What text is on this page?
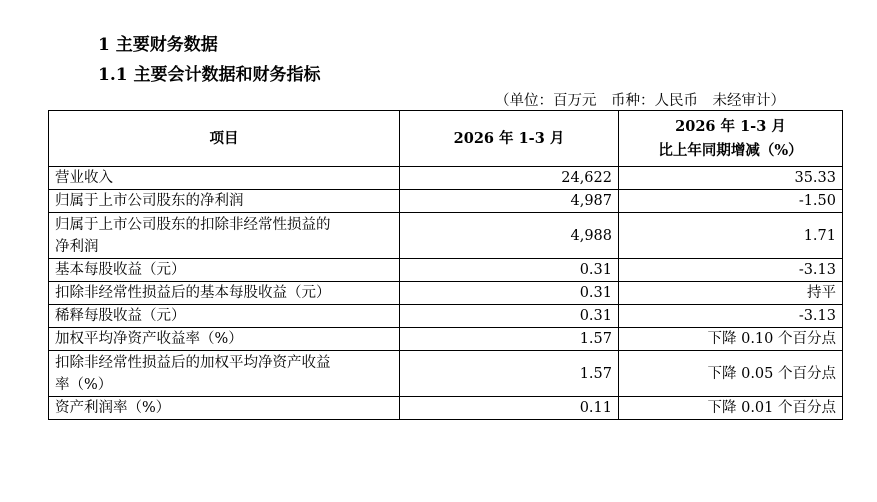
1 主要财务数据
1.1 主要会计数据和财务指标
（单位：百万元　币种：人民币　未经审计）
项目	2026 年 1-3 月	2026 年 1-3 月
比上年同期增减（%）

营业收入	24,622	35.33
归属于上市公司股东的净利润	4,987	-1.50

归属于上市公司股东的扣除非经常性损益的
净利润	4,988	1.71
基本每股收益（元）	0.31	-3.13
扣除非经常性损益后的基本每股收益（元）	0.31	持平
稀释每股收益（元）	0.31	-3.13
加权平均净资产收益率（%）	1.57	下降 0.10 个百分点

扣除非经常性损益后的加权平均净资产收益
率（%）	1.57	下降 0.05 个百分点
资产利润率（%）	0.11	下降 0.01 个百分点
